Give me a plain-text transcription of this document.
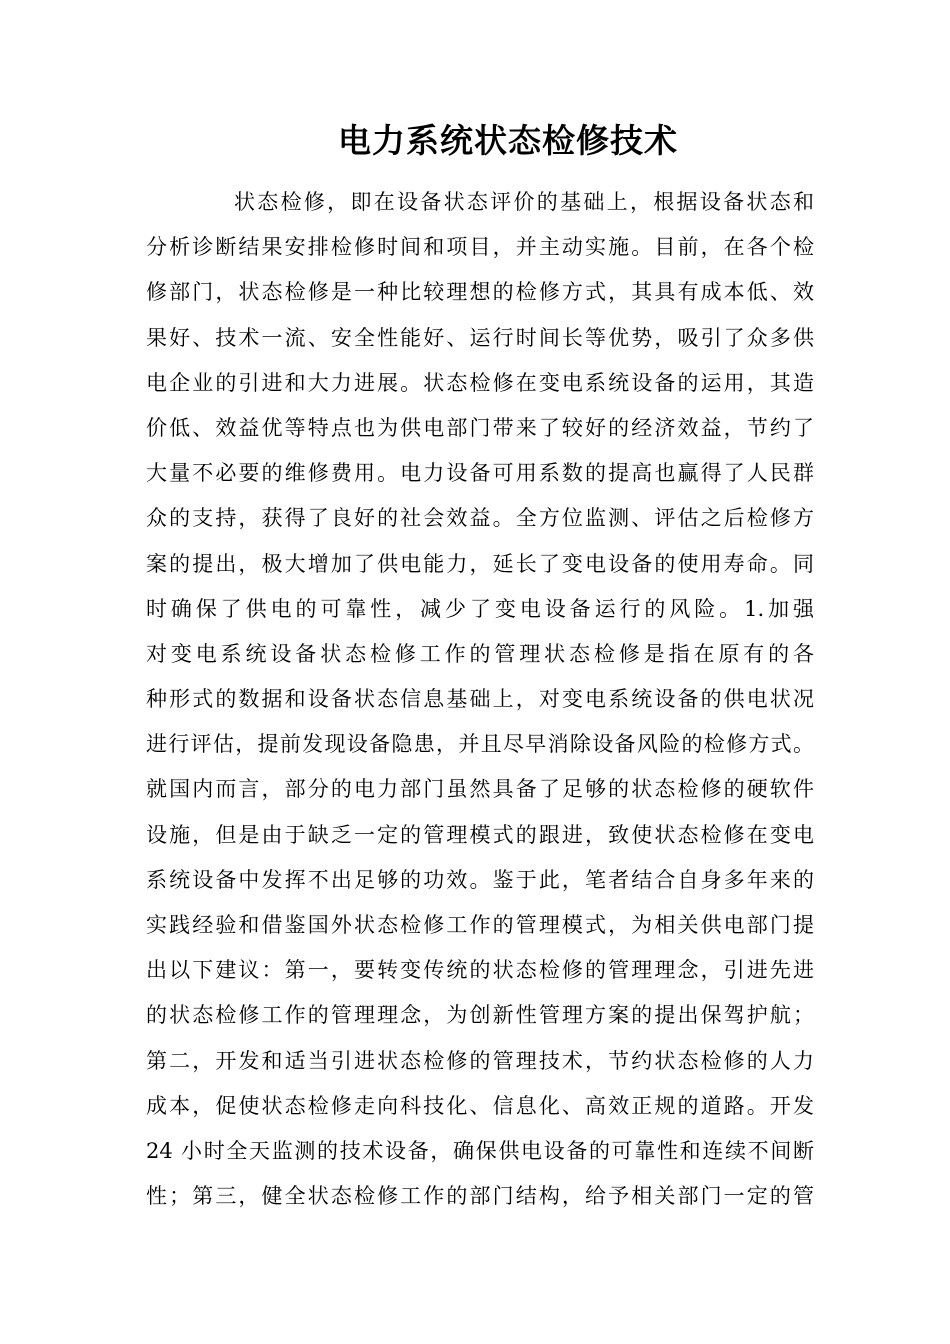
电力系统状态检修技术
状态检修，即在设备状态评价的基础上，根据设备状态和
分析诊断结果安排检修时间和项目，并主动实施。目前，在各个检
修部门，状态检修是一种比较理想的检修方式，其具有成本低、效
果好、技术一流、安全性能好、运行时间长等优势，吸引了众多供
电企业的引进和大力进展。状态检修在变电系统设备的运用，其造
价低、效益优等特点也为供电部门带来了较好的经济效益，节约了
大量不必要的维修费用。电力设备可用系数的提高也赢得了人民群
众的支持，获得了良好的社会效益。全方位监测、评估之后检修方
案的提出，极大增加了供电能力，延长了变电设备的使用寿命。同
时确保了供电的可靠性，减少了变电设备运行的风险。1.加强
对变电系统设备状态检修工作的管理状态检修是指在原有的各
种形式的数据和设备状态信息基础上，对变电系统设备的供电状况
进行评估，提前发现设备隐患，并且尽早消除设备风险的检修方式。
就国内而言，部分的电力部门虽然具备了足够的状态检修的硬软件
设施，但是由于缺乏一定的管理模式的跟进，致使状态检修在变电
系统设备中发挥不出足够的功效。鉴于此，笔者结合自身多年来的
实践经验和借鉴国外状态检修工作的管理模式，为相关供电部门提
出以下建议：第一，要转变传统的状态检修的管理理念，引进先进
的状态检修工作的管理理念，为创新性管理方案的提出保驾护航；
第二，开发和适当引进状态检修的管理技术，节约状态检修的人力
成本，促使状态检修走向科技化、信息化、高效正规的道路。开发
24 小时全天监测的技术设备，确保供电设备的可靠性和连续不间断
性；第三，健全状态检修工作的部门结构，给予相关部门一定的管
